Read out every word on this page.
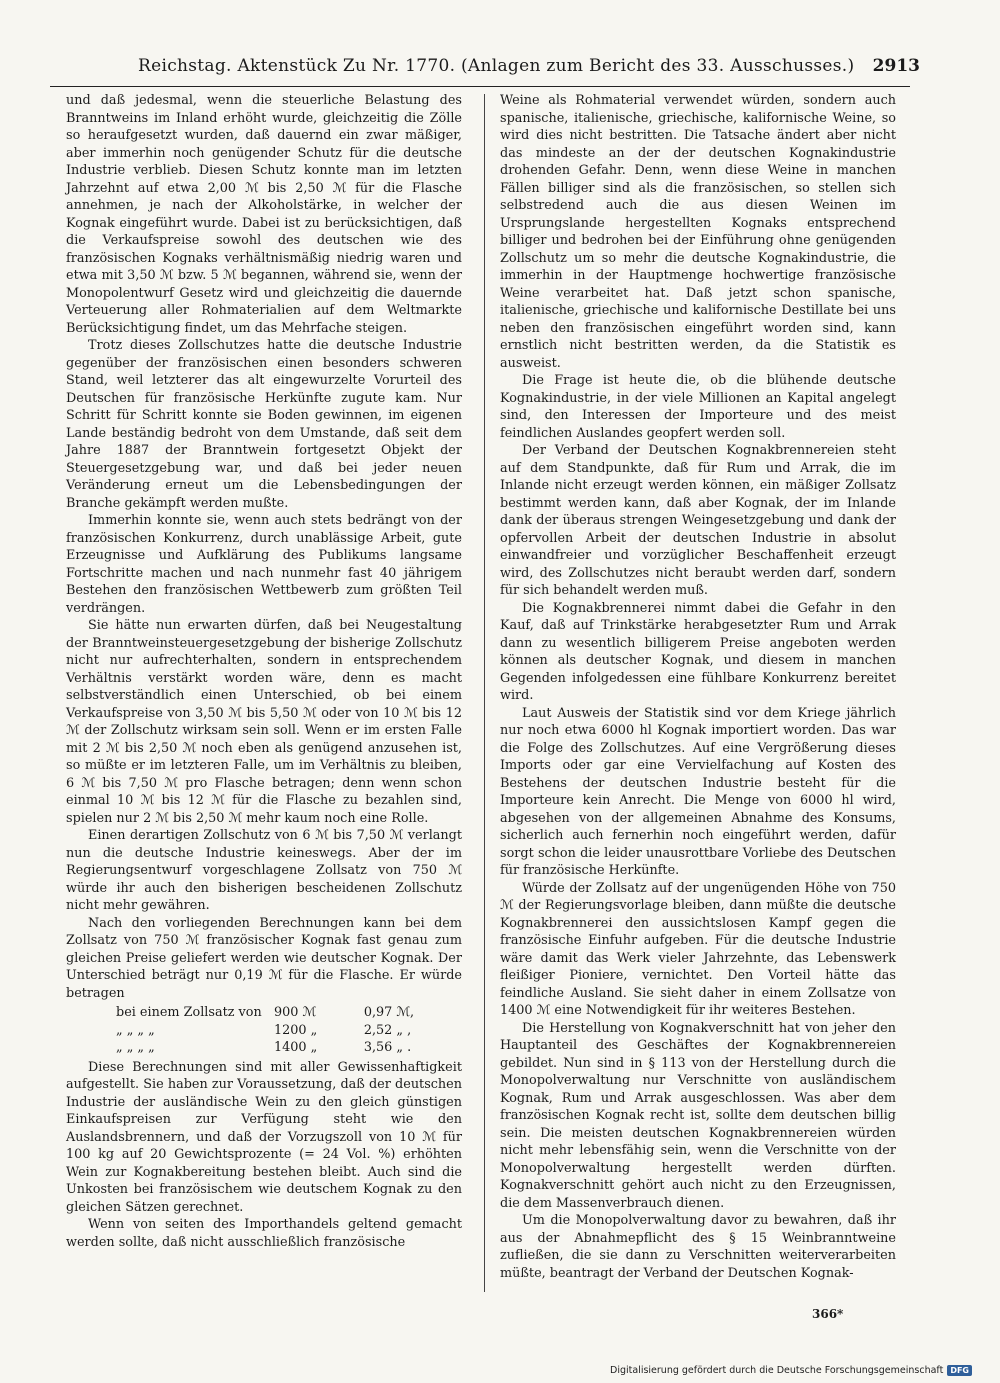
Reichstag. Aktenstück Zu Nr. 1770. (Anlagen zum Bericht des 33. Ausschusses.) 2913

und daß jedesmal, wenn die steuerliche Belastung des Branntweins im Inland erhöht wurde, gleichzeitig die Zölle so heraufgesetzt wurden, daß dauernd ein zwar mäßiger, aber immerhin noch genügender Schutz für die deutsche Industrie verblieb. Diesen Schutz konnte man im letzten Jahrzehnt auf etwa 2,00 ℳ bis 2,50 ℳ für die Flasche annehmen, je nach der Alkoholstärke, in welcher der Kognak eingeführt wurde. Dabei ist zu berücksichtigen, daß die Verkaufspreise sowohl des deutschen wie des französischen Kognaks verhältnismäßig niedrig waren und etwa mit 3,50 ℳ bzw. 5 ℳ begannen, während sie, wenn der Monopolentwurf Gesetz wird und gleichzeitig die dauernde Verteuerung aller Rohmaterialien auf dem Weltmarkte Berücksichtigung findet, um das Mehrfache steigen.

Trotz dieses Zollschutzes hatte die deutsche Industrie gegenüber der französischen einen besonders schweren Stand, weil letzterer das alt eingewurzelte Vorurteil des Deutschen für französische Herkünfte zugute kam. Nur Schritt für Schritt konnte sie Boden gewinnen, im eigenen Lande beständig bedroht von dem Umstande, daß seit dem Jahre 1887 der Branntwein fortgesetzt Objekt der Steuergesetzgebung war, und daß bei jeder neuen Veränderung erneut um die Lebensbedingungen der Branche gekämpft werden mußte.

Immerhin konnte sie, wenn auch stets bedrängt von der französischen Konkurrenz, durch unablässige Arbeit, gute Erzeugnisse und Aufklärung des Publikums langsame Fortschritte machen und nach nunmehr fast 40 jährigem Bestehen den französischen Wettbewerb zum größten Teil verdrängen.

Sie hätte nun erwarten dürfen, daß bei Neugestaltung der Branntweinsteuergesetzgebung der bisherige Zollschutz nicht nur aufrechterhalten, sondern in entsprechendem Verhältnis verstärkt worden wäre, denn es macht selbstverständlich einen Unterschied, ob bei einem Verkaufspreise von 3,50 ℳ bis 5,50 ℳ oder von 10 ℳ bis 12 ℳ der Zollschutz wirksam sein soll. Wenn er im ersten Falle mit 2 ℳ bis 2,50 ℳ noch eben als genügend anzusehen ist, so müßte er im letzteren Falle, um im Verhältnis zu bleiben, 6 ℳ bis 7,50 ℳ pro Flasche betragen; denn wenn schon einmal 10 ℳ bis 12 ℳ für die Flasche zu bezahlen sind, spielen nur 2 ℳ bis 2,50 ℳ mehr kaum noch eine Rolle.

Einen derartigen Zollschutz von 6 ℳ bis 7,50 ℳ verlangt nun die deutsche Industrie keineswegs. Aber der im Regierungsentwurf vorgeschlagene Zollsatz von 750 ℳ würde ihr auch den bisherigen bescheidenen Zollschutz nicht mehr gewähren.

Nach den vorliegenden Berechnungen kann bei dem Zollsatz von 750 ℳ französischer Kognak fast genau zum gleichen Preise geliefert werden wie deutscher Kognak. Der Unterschied beträgt nur 0,19 ℳ für die Flasche. Er würde betragen

bei einem Zollsatz von	900 ℳ	0,97 ℳ,
„ „ „ „	1200 „	2,52 „ ,
„ „ „ „	1400 „	3,56 „ .

Diese Berechnungen sind mit aller Gewissenhaftigkeit aufgestellt. Sie haben zur Voraussetzung, daß der deutschen Industrie der ausländische Wein zu den gleich günstigen Einkaufspreisen zur Verfügung steht wie den Auslandsbrennern, und daß der Vorzugszoll von 10 ℳ für 100 kg auf 20 Gewichtsprozente (= 24 Vol. %) erhöhten Wein zur Kognakbereitung bestehen bleibt. Auch sind die Unkosten bei französischem wie deutschem Kognak zu den gleichen Sätzen gerechnet.

Wenn von seiten des Importhandels geltend gemacht werden sollte, daß nicht ausschließlich französische

Weine als Rohmaterial verwendet würden, sondern auch spanische, italienische, griechische, kalifornische Weine, so wird dies nicht bestritten. Die Tatsache ändert aber nicht das mindeste an der der deutschen Kognakindustrie drohenden Gefahr. Denn, wenn diese Weine in manchen Fällen billiger sind als die französischen, so stellen sich selbstredend auch die aus diesen Weinen im Ursprungslande hergestellten Kognaks entsprechend billiger und bedrohen bei der Einführung ohne genügenden Zollschutz um so mehr die deutsche Kognakindustrie, die immerhin in der Hauptmenge hochwertige französische Weine verarbeitet hat. Daß jetzt schon spanische, italienische, griechische und kalifornische Destillate bei uns neben den französischen eingeführt worden sind, kann ernstlich nicht bestritten werden, da die Statistik es ausweist.

Die Frage ist heute die, ob die blühende deutsche Kognakindustrie, in der viele Millionen an Kapital angelegt sind, den Interessen der Importeure und des meist feindlichen Auslandes geopfert werden soll.

Der Verband der Deutschen Kognakbrennereien steht auf dem Standpunkte, daß für Rum und Arrak, die im Inlande nicht erzeugt werden können, ein mäßiger Zollsatz bestimmt werden kann, daß aber Kognak, der im Inlande dank der überaus strengen Weingesetzgebung und dank der opfervollen Arbeit der deutschen Industrie in absolut einwandfreier und vorzüglicher Beschaffenheit erzeugt wird, des Zollschutzes nicht beraubt werden darf, sondern für sich behandelt werden muß.

Die Kognakbrennerei nimmt dabei die Gefahr in den Kauf, daß auf Trinkstärke herabgesetzter Rum und Arrak dann zu wesentlich billigerem Preise angeboten werden können als deutscher Kognak, und diesem in manchen Gegenden infolgedessen eine fühlbare Konkurrenz bereitet wird.

Laut Ausweis der Statistik sind vor dem Kriege jährlich nur noch etwa 6000 hl Kognak importiert worden. Das war die Folge des Zollschutzes. Auf eine Vergrößerung dieses Imports oder gar eine Vervielfachung auf Kosten des Bestehens der deutschen Industrie besteht für die Importeure kein Anrecht. Die Menge von 6000 hl wird, abgesehen von der allgemeinen Abnahme des Konsums, sicherlich auch fernerhin noch eingeführt werden, dafür sorgt schon die leider unausrottbare Vorliebe des Deutschen für französische Herkünfte.

Würde der Zollsatz auf der ungenügenden Höhe von 750 ℳ der Regierungsvorlage bleiben, dann müßte die deutsche Kognakbrennerei den aussichtslosen Kampf gegen die französische Einfuhr aufgeben. Für die deutsche Industrie wäre damit das Werk vieler Jahrzehnte, das Lebenswerk fleißiger Pioniere, vernichtet. Den Vorteil hätte das feindliche Ausland. Sie sieht daher in einem Zollsatze von 1400 ℳ eine Notwendigkeit für ihr weiteres Bestehen.

Die Herstellung von Kognakverschnitt hat von jeher den Hauptanteil des Geschäftes der Kognakbrennereien gebildet. Nun sind in § 113 von der Herstellung durch die Monopolverwaltung nur Verschnitte von ausländischem Kognak, Rum und Arrak ausgeschlossen. Was aber dem französischen Kognak recht ist, sollte dem deutschen billig sein. Die meisten deutschen Kognakbrennereien würden nicht mehr lebensfähig sein, wenn die Verschnitte von der Monopolverwaltung hergestellt werden dürften. Kognakverschnitt gehört auch nicht zu den Erzeugnissen, die dem Massenverbrauch dienen.

Um die Monopolverwaltung davor zu bewahren, daß ihr aus der Abnahmepflicht des § 15 Weinbranntweine zufließen, die sie dann zu Verschnitten weiterverarbeiten müßte, beantragt der Verband der Deutschen Kognak-

366*
Digitalisierung gefördert durch die Deutsche Forschungsgemeinschaft DFG
